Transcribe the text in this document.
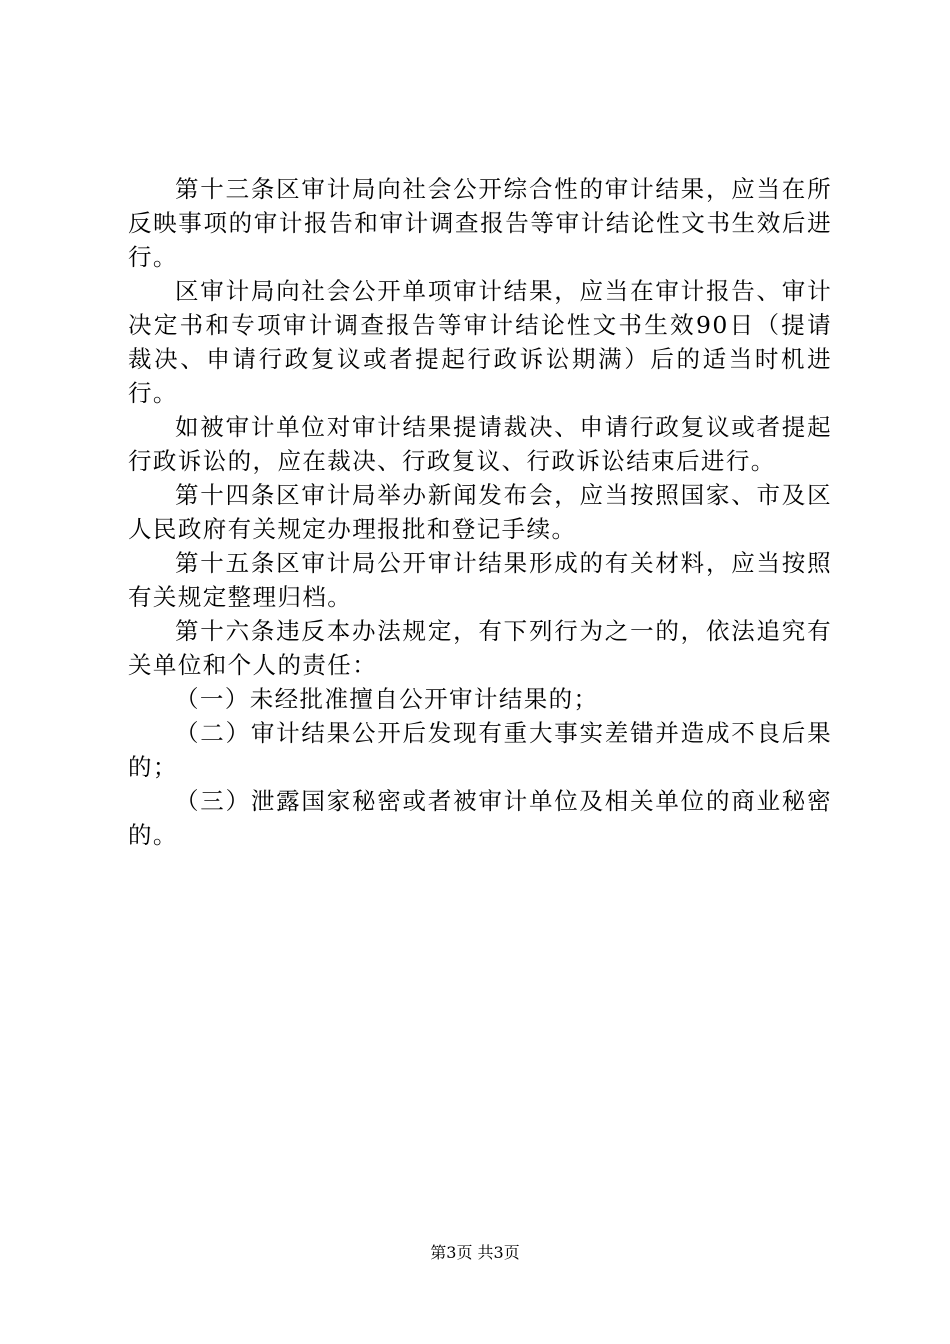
第十三条区审计局向社会公开综合性的审计结果，应当在所反映事项的审计报告和审计调查报告等审计结论性文书生效后进行。

区审计局向社会公开单项审计结果，应当在审计报告、审计决定书和专项审计调查报告等审计结论性文书生效90日（提请裁决、申请行政复议或者提起行政诉讼期满）后的适当时机进行。

如被审计单位对审计结果提请裁决、申请行政复议或者提起行政诉讼的，应在裁决、行政复议、行政诉讼结束后进行。

第十四条区审计局举办新闻发布会，应当按照国家、市及区人民政府有关规定办理报批和登记手续。

第十五条区审计局公开审计结果形成的有关材料，应当按照有关规定整理归档。

第十六条违反本办法规定，有下列行为之一的，依法追究有关单位和个人的责任：

（一）未经批准擅自公开审计结果的；

（二）审计结果公开后发现有重大事实差错并造成不良后果的；

（三）泄露国家秘密或者被审计单位及相关单位的商业秘密的。

第3页 共3页
